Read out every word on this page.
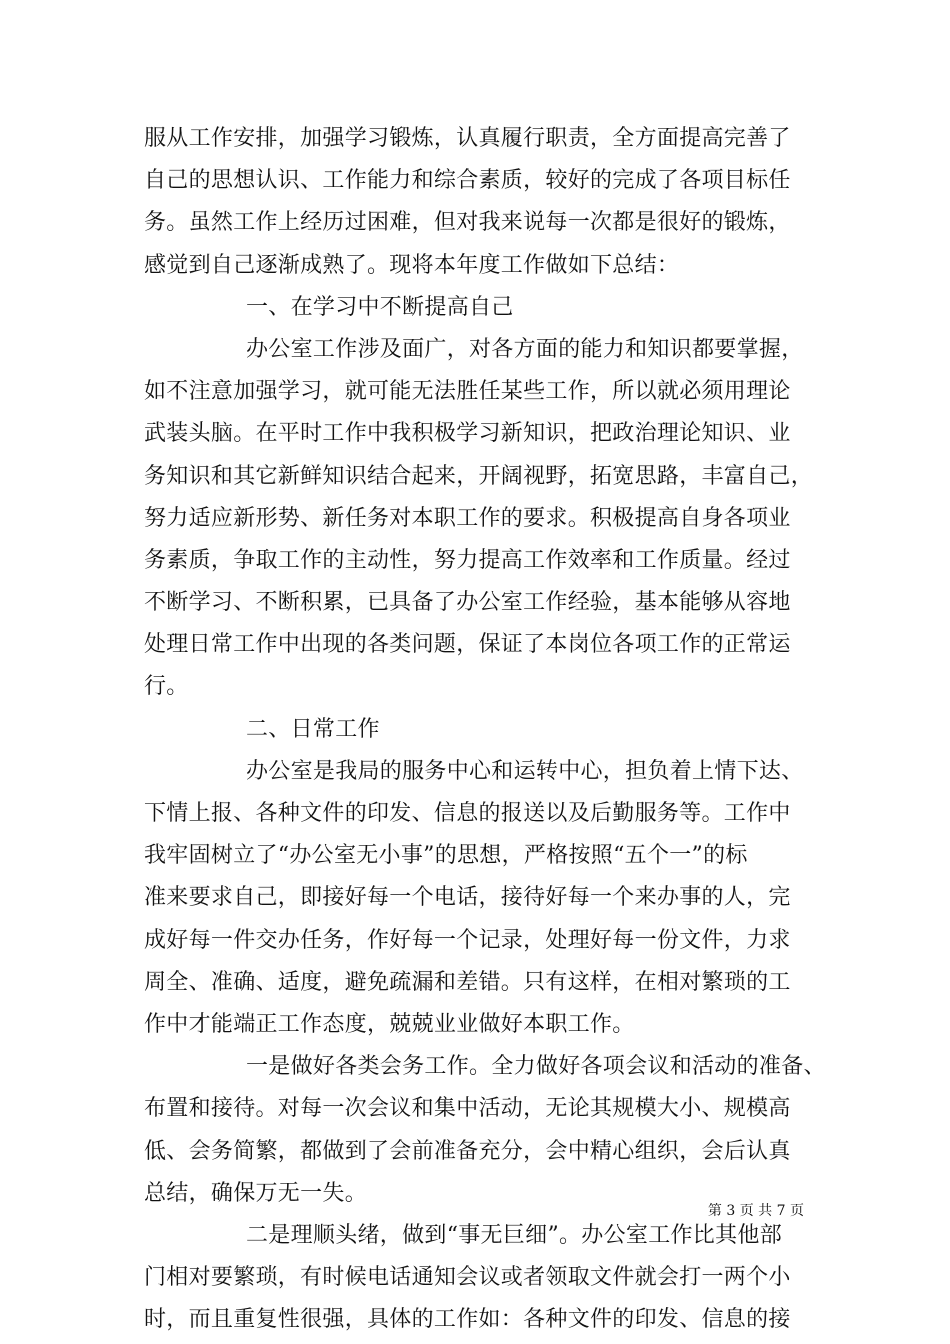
服从工作安排，加强学习锻炼，认真履行职责，全方面提高完善了
自己的思想认识、工作能力和综合素质，较好的完成了各项目标任
务。虽然工作上经历过困难，但对我来说每一次都是很好的锻炼，
感觉到自己逐渐成熟了。现将本年度工作做如下总结：
一、在学习中不断提高自己
办公室工作涉及面广，对各方面的能力和知识都要掌握，
如不注意加强学习，就可能无法胜任某些工作，所以就必须用理论
武装头脑。在平时工作中我积极学习新知识，把政治理论知识、业
务知识和其它新鲜知识结合起来，开阔视野，拓宽思路，丰富自己，
努力适应新形势、新任务对本职工作的要求。积极提高自身各项业
务素质，争取工作的主动性，努力提高工作效率和工作质量。经过
不断学习、不断积累，已具备了办公室工作经验，基本能够从容地
处理日常工作中出现的各类问题，保证了本岗位各项工作的正常运
行。
二、日常工作
办公室是我局的服务中心和运转中心，担负着上情下达、
下情上报、各种文件的印发、信息的报送以及后勤服务等。工作中
我牢固树立了“办公室无小事”的思想，严格按照“五个一”的标
准来要求自己，即接好每一个电话，接待好每一个来办事的人，完
成好每一件交办任务，作好每一个记录，处理好每一份文件，力求
周全、准确、适度，避免疏漏和差错。只有这样，在相对繁琐的工
作中才能端正工作态度，兢兢业业做好本职工作。
一是做好各类会务工作。全力做好各项会议和活动的准备、
布置和接待。对每一次会议和集中活动，无论其规模大小、规模高
低、会务简繁，都做到了会前准备充分，会中精心组织，会后认真
总结，确保万无一失。
二是理顺头绪，做到“事无巨细”。办公室工作比其他部
门相对要繁琐，有时候电话通知会议或者领取文件就会打一两个小
时，而且重复性很强，具体的工作如：各种文件的印发、信息的接
第 3 页 共 7 页
